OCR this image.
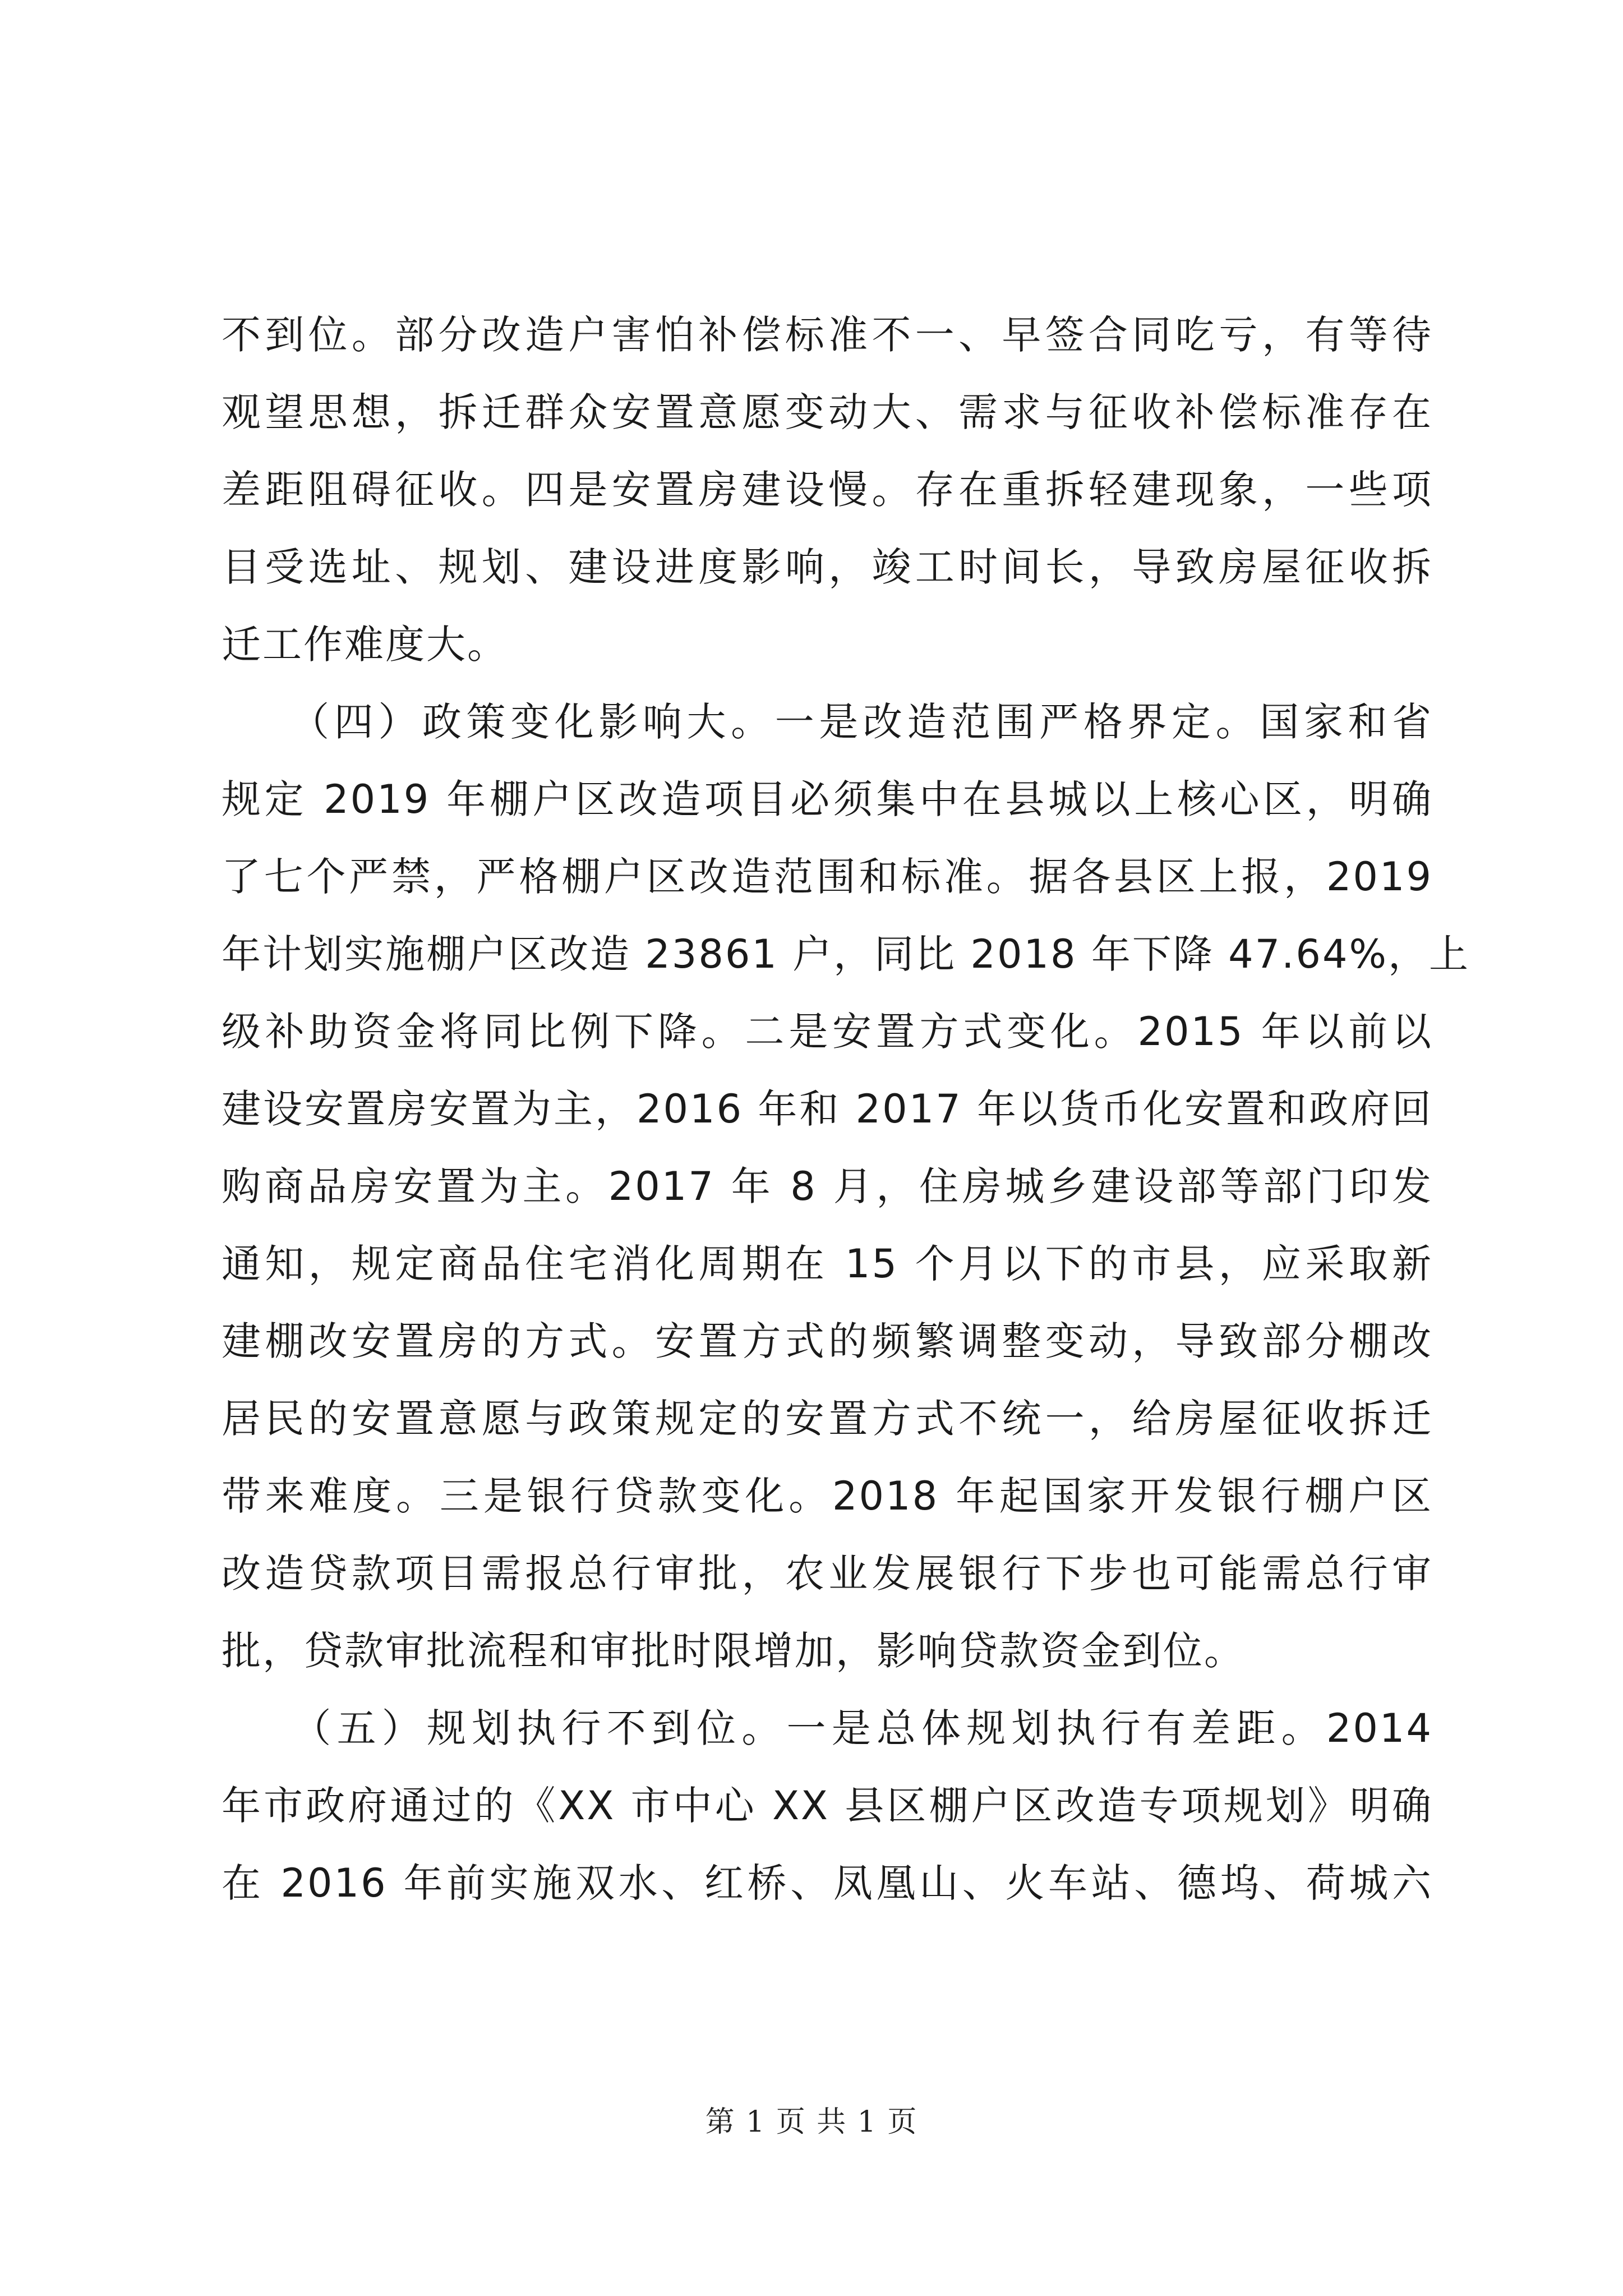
不到位。部分改造户害怕补偿标准不一、早签合同吃亏，有等待
观望思想，拆迁群众安置意愿变动大、需求与征收补偿标准存在
差距阻碍征收。四是安置房建设慢。存在重拆轻建现象，一些项
目受选址、规划、建设进度影响，竣工时间长，导致房屋征收拆
迁工作难度大。
　　（四）政策变化影响大。一是改造范围严格界定。国家和省
规定 2019 年棚户区改造项目必须集中在县城以上核心区，明确
了七个严禁，严格棚户区改造范围和标准。据各县区上报，2019
年计划实施棚户区改造 23861 户，同比 2018 年下降 47.64%，上
级补助资金将同比例下降。二是安置方式变化。2015 年以前以
建设安置房安置为主，2016 年和 2017 年以货币化安置和政府回
购商品房安置为主。2017 年 8 月，住房城乡建设部等部门印发
通知，规定商品住宅消化周期在 15 个月以下的市县，应采取新
建棚改安置房的方式。安置方式的频繁调整变动，导致部分棚改
居民的安置意愿与政策规定的安置方式不统一，给房屋征收拆迁
带来难度。三是银行贷款变化。2018 年起国家开发银行棚户区
改造贷款项目需报总行审批，农业发展银行下步也可能需总行审
批，贷款审批流程和审批时限增加，影响贷款资金到位。
　　（五）规划执行不到位。一是总体规划执行有差距。2014
年市政府通过的《XX 市中心 XX 县区棚户区改造专项规划》明确
在 2016 年前实施双水、红桥、凤凰山、火车站、德坞、荷城六
第 1 页 共 1 页
